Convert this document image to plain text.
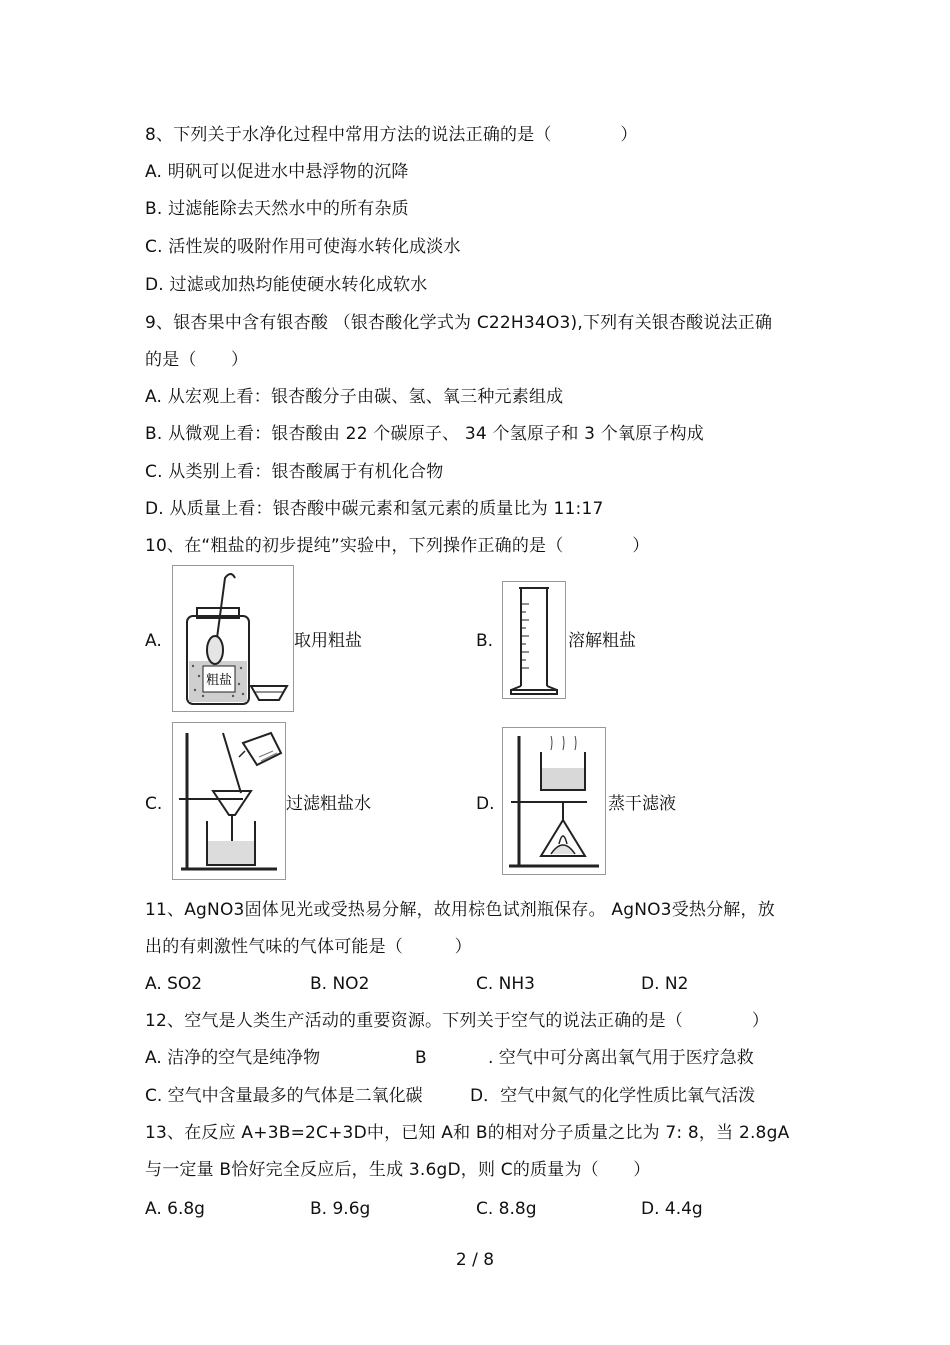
8、下列关于水净化过程中常用方法的说法正确的是（　　　　）
A. 明矾可以促进水中悬浮物的沉降
B. 过滤能除去天然水中的所有杂质
C. 活性炭的吸附作用可使海水转化成淡水
D. 过滤或加热均能使硬水转化成软水
9、银杏果中含有银杏酸 （银杏酸化学式为 C22H34O3),下列有关银杏酸说法正确
的是（　　）
A. 从宏观上看：银杏酸分子由碳、氢、氧三种元素组成
B. 从微观上看：银杏酸由 22 个碳原子、 34 个氢原子和 3 个氧原子构成
C. 从类别上看：银杏酸属于有机化合物
D. 从质量上看：银杏酸中碳元素和氢元素的质量比为 11:17
10、在“粗盐的初步提纯”实验中，下列操作正确的是（　　　　）
A.
粗盐
取用粗盐	B.	溶解粗盐
C.	过滤粗盐水	D.	蒸干滤液
11、AgNO3固体见光或受热易分解，故用棕色试剂瓶保存。 AgNO3受热分解，放
出的有刺激性气味的气体可能是（　　　）
A. SO2	B. NO2	C. NH3	D. N2
12、空气是人类生产活动的重要资源。下列关于空气的说法正确的是（　　　　）
A. 洁净的空气是纯净物	B	. 空气中可分离出氧气用于医疗急救
C. 空气中含量最多的气体是二氧化碳	D．空气中氮气的化学性质比氧气活泼
13、在反应 A+3B=2C+3D中，已知 A和 B的相对分子质量之比为 7: 8，当 2.8gA
与一定量 B恰好完全反应后，生成 3.6gD，则 C的质量为（　　）
A. 6.8g	B. 9.6g	C. 8.8g	D. 4.4g
2 / 8
